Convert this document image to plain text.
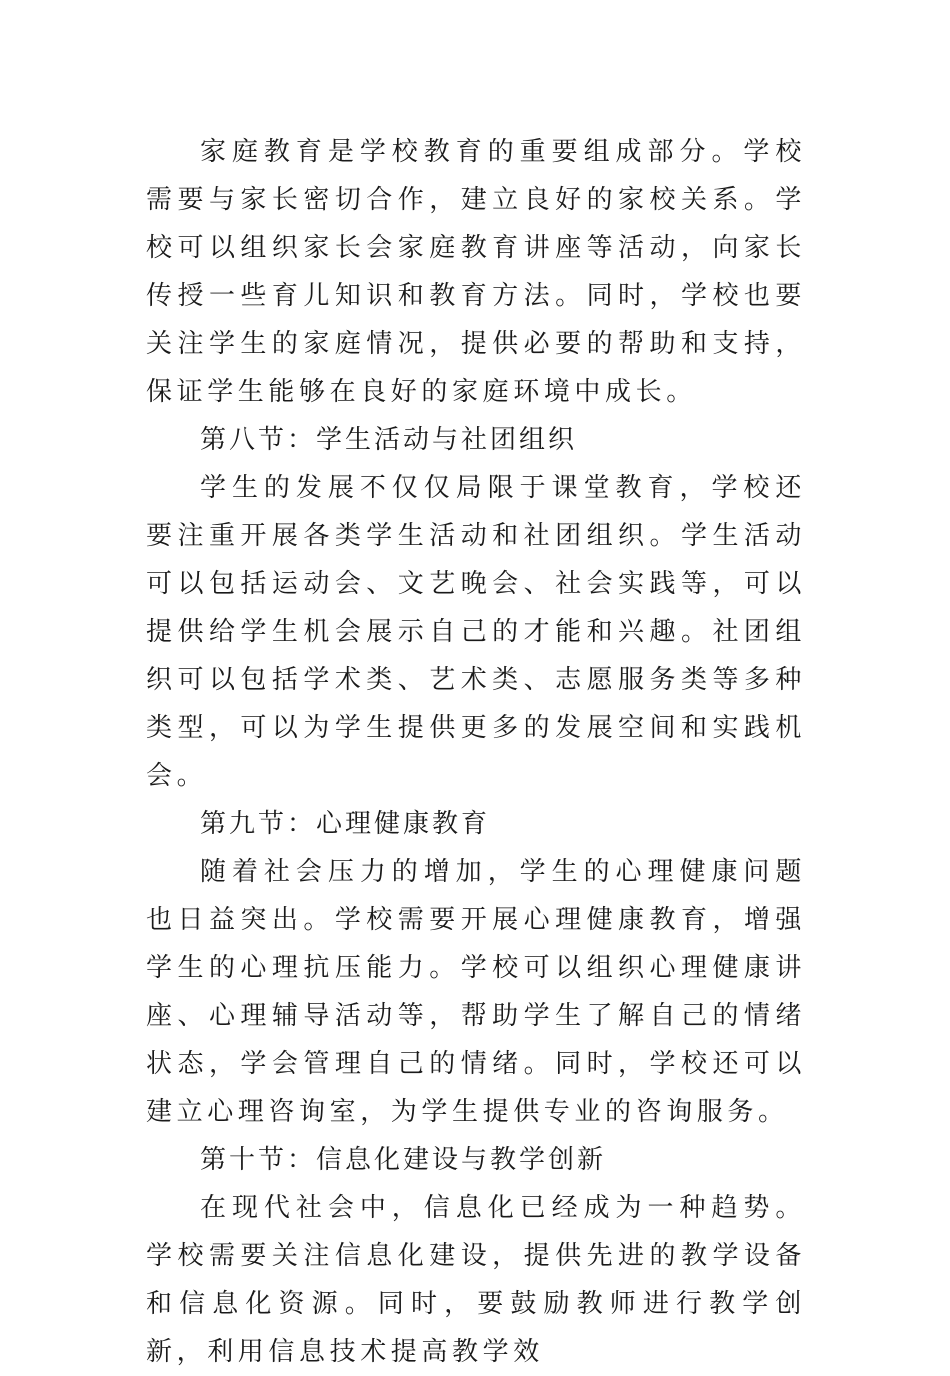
家庭教育是学校教育的重要组成部分。学校需要与家长密切合作，建立良好的家校关系。学校可以组织家长会家庭教育讲座等活动，向家长传授一些育儿知识和教育方法。同时，学校也要关注学生的家庭情况，提供必要的帮助和支持，保证学生能够在良好的家庭环境中成长。

第八节：学生活动与社团组织

学生的发展不仅仅局限于课堂教育，学校还要注重开展各类学生活动和社团组织。学生活动可以包括运动会、文艺晚会、社会实践等，可以提供给学生机会展示自己的才能和兴趣。社团组织可以包括学术类、艺术类、志愿服务类等多种类型，可以为学生提供更多的发展空间和实践机会。

第九节：心理健康教育

随着社会压力的增加，学生的心理健康问题也日益突出。学校需要开展心理健康教育，增强学生的心理抗压能力。学校可以组织心理健康讲座、心理辅导活动等，帮助学生了解自己的情绪状态，学会管理自己的情绪。同时，学校还可以建立心理咨询室，为学生提供专业的咨询服务。

第十节：信息化建设与教学创新

在现代社会中，信息化已经成为一种趋势。学校需要关注信息化建设，提供先进的教学设备和信息化资源。同时，要鼓励教师进行教学创新，利用信息技术提高教学效
